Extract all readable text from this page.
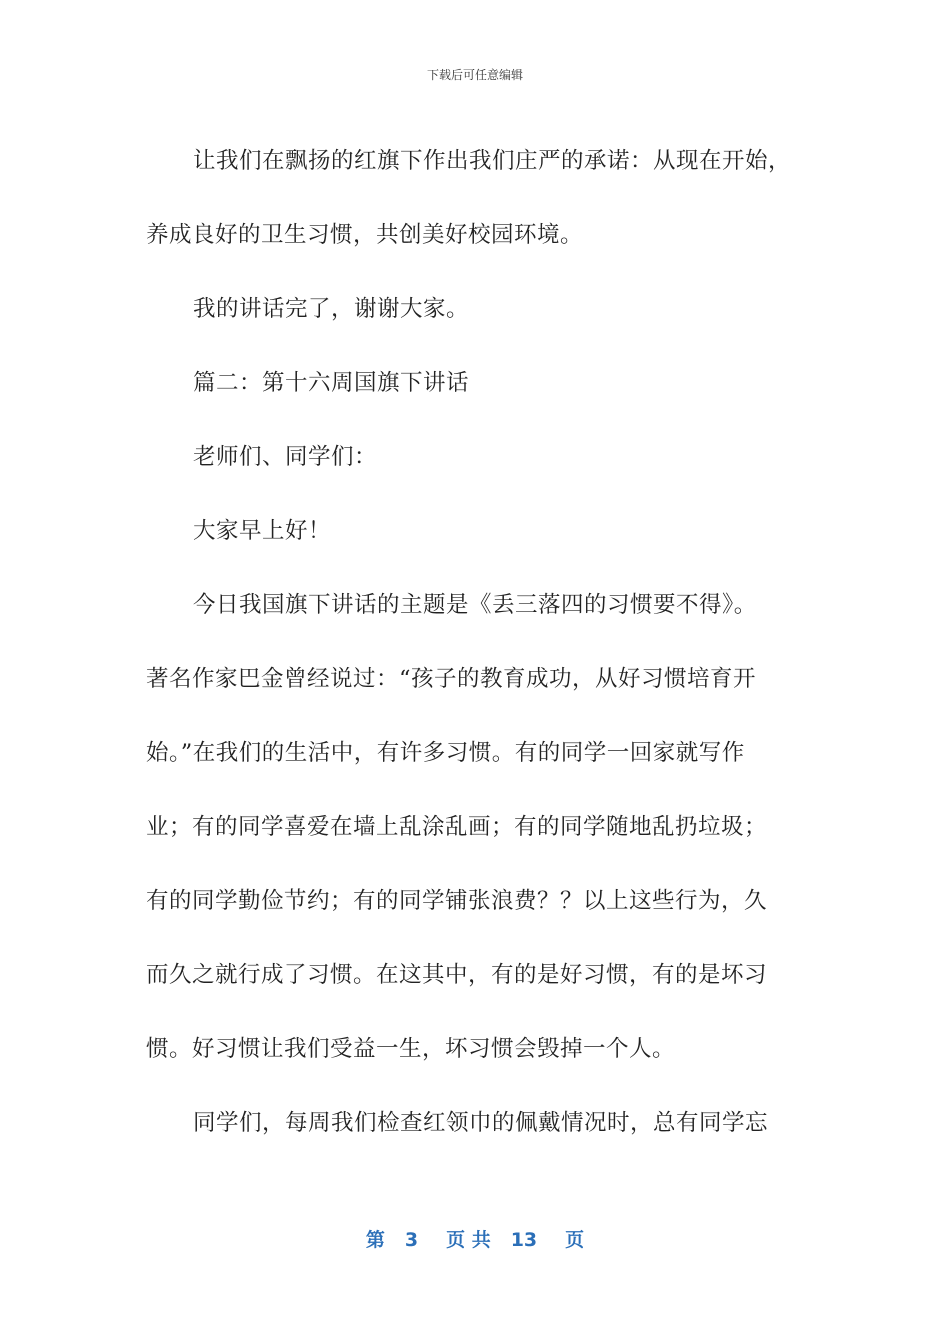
下载后可任意编辑

让我们在飘扬的红旗下作出我们庄严的承诺：从现在开始，

养成良好的卫生习惯，共创美好校园环境。

我的讲话完了，谢谢大家。

篇二：第十六周国旗下讲话

老师们、同学们：

大家早上好！

今日我国旗下讲话的主题是《丢三落四的习惯要不得》。

著名作家巴金曾经说过：“孩子的教育成功，从好习惯培育开

始。”在我们的生活中，有许多习惯。有的同学一回家就写作

业；有的同学喜爱在墙上乱涂乱画；有的同学随地乱扔垃圾；

有的同学勤俭节约；有的同学铺张浪费？？以上这些行为，久

而久之就行成了习惯。在这其中，有的是好习惯，有的是坏习

惯。好习惯让我们受益一生，坏习惯会毁掉一个人。

同学们，每周我们检查红领巾的佩戴情况时，总有同学忘

第 3 页 共 13 页
